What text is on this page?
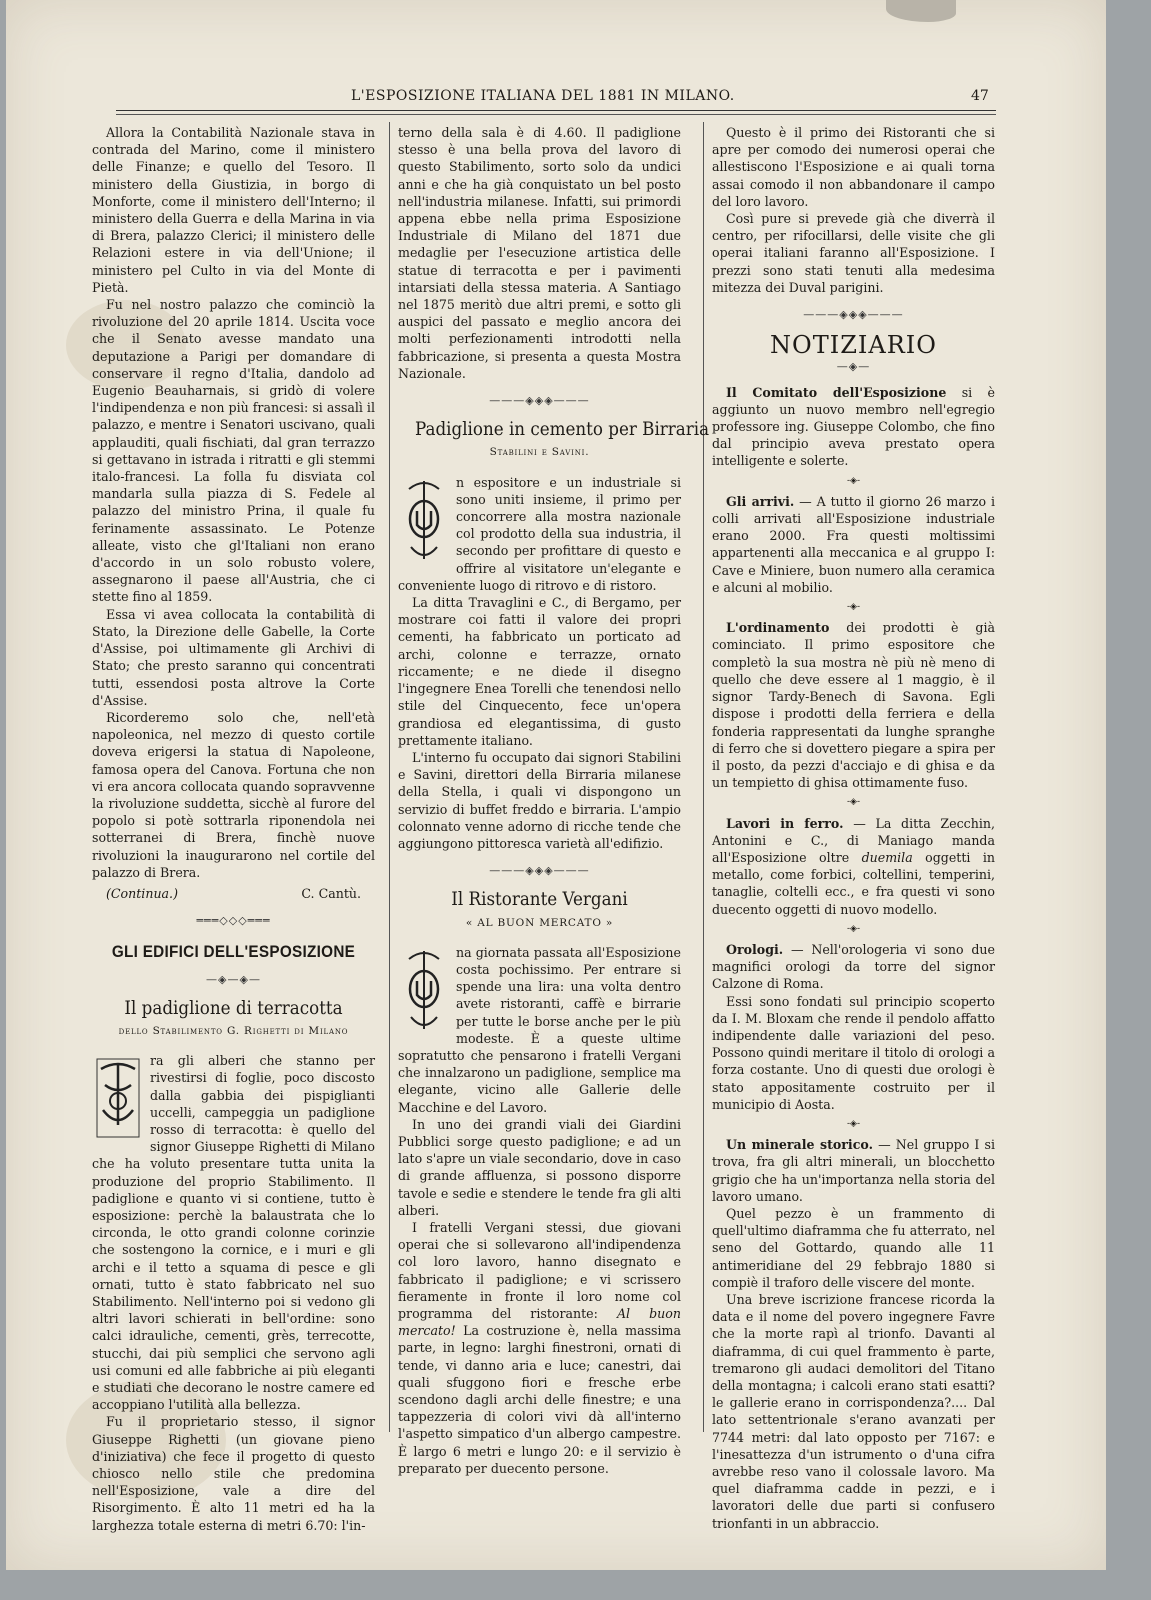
L'ESPOSIZIONE ITALIANA DEL 1881 IN MILANO.	47

Allora la Contabilità Nazionale stava in contrada del Marino, come il ministero delle Finanze; e quello del Tesoro. Il ministero della Giustizia, in borgo di Monforte, come il ministero dell'Interno; il ministero della Guerra e della Marina in via di Brera, palazzo Clerici; il ministero delle Relazioni estere in via dell'Unione; il ministero pel Culto in via del Monte di Pietà.

Fu nel nostro palazzo che cominciò la rivoluzione del 20 aprile 1814. Uscita voce che il Senato avesse mandato una deputazione a Parigi per domandare di conservare il regno d'Italia, dandolo ad Eugenio Beauharnais, si gridò di volere l'indipendenza e non più francesi: si assalì il palazzo, e mentre i Senatori uscivano, quali applauditi, quali fischiati, dal gran terrazzo si gettavano in istrada i ritratti e gli stemmi italo-francesi. La folla fu disviata col mandarla sulla piazza di S. Fedele al palazzo del ministro Prina, il quale fu ferinamente assassinato. Le Potenze alleate, visto che gl'Italiani non erano d'accordo in un solo robusto volere, assegnarono il paese all'Austria, che ci stette fino al 1859.

Essa vi avea collocata la contabilità di Stato, la Direzione delle Gabelle, la Corte d'Assise, poi ultimamente gli Archivi di Stato; che presto saranno qui concentrati tutti, essendosi posta altrove la Corte d'Assise.

Ricorderemo solo che, nell'età napoleonica, nel mezzo di questo cortile doveva erigersi la statua di Napoleone, famosa opera del Canova. Fortuna che non vi era ancora collocata quando sopravvenne la rivoluzione suddetta, sicchè al furore del popolo si potè sottrarla riponendola nei sotterranei di Brera, finchè nuove rivoluzioni la inaugurarono nel cortile del palazzo di Brera.

(Continua.)	C. Cantù.
═══◇◇◇═══
GLI EDIFICI DELL'ESPOSIZIONE
—◈—◈—
Il padiglione di terracotta
dello Stabilimento G. Righetti di Milano

ra gli alberi che stanno per rivestirsi di foglie, poco discosto dalla gabbia dei pispiglianti uccelli, campeggia un padiglione rosso di terracotta: è quello del signor Giuseppe Righetti di Milano che ha voluto presentare tutta unita la produzione del proprio Stabilimento. Il padiglione e quanto vi si contiene, tutto è esposizione: perchè la balaustrata che lo circonda, le otto grandi colonne corinzie che sostengono la cornice, e i muri e gli archi e il tetto a squama di pesce e gli ornati, tutto è stato fabbricato nel suo Stabilimento. Nell'interno poi si vedono gli altri lavori schierati in bell'ordine: sono calci idrauliche, cementi, grès, terrecotte, stucchi, dai più semplici che servono agli usi comuni ed alle fabbriche ai più eleganti e studiati che decorano le nostre camere ed accoppiano l'utilità alla bellezza.

Fu il proprietario stesso, il signor Giuseppe Righetti (un giovane pieno d'iniziativa) che fece il progetto di questo chiosco nello stile che predomina nell'Esposizione, vale a dire del Risorgimento. È alto 11 metri ed ha la larghezza totale esterna di metri 6.70: l'in-

terno della sala è di 4.60. Il padiglione stesso è una bella prova del lavoro di questo Stabilimento, sorto solo da undici anni e che ha già conquistato un bel posto nell'industria milanese. Infatti, sui primordi appena ebbe nella prima Esposizione Industriale di Milano del 1871 due medaglie per l'esecuzione artistica delle statue di terracotta e per i pavimenti intarsiati della stessa materia. A Santiago nel 1875 meritò due altri premi, e sotto gli auspici del passato e meglio ancora dei molti perfezionamenti introdotti nella fabbricazione, si presenta a questa Mostra Nazionale.

———◈◈◈———
Padiglione in cemento per Birraria
Stabilini e Savini.

n espositore e un industriale si sono uniti insieme, il primo per concorrere alla mostra nazionale col prodotto della sua industria, il secondo per profittare di questo e offrire al visitatore un'elegante e conveniente luogo di ritrovo e di ristoro.

La ditta Travaglini e C., di Bergamo, per mostrare coi fatti il valore dei propri cementi, ha fabbricato un porticato ad archi, colonne e terrazze, ornato riccamente; e ne diede il disegno l'ingegnere Enea Torelli che tenendosi nello stile del Cinquecento, fece un'opera grandiosa ed elegantissima, di gusto prettamente italiano.

L'interno fu occupato dai signori Stabilini e Savini, direttori della Birraria milanese della Stella, i quali vi dispongono un servizio di buffet freddo e birraria. L'ampio colonnato venne adorno di ricche tende che aggiungono pittoresca varietà all'edifizio.

———◈◈◈———
Il Ristorante Vergani
« AL BUON MERCATO »

na giornata passata all'Esposizione costa pochissimo. Per entrare si spende una lira: una volta dentro avete ristoranti, caffè e birrarie per tutte le borse anche per le più modeste. È a queste ultime sopratutto che pensarono i fratelli Vergani che innalzarono un padiglione, semplice ma elegante, vicino alle Gallerie delle Macchine e del Lavoro.

In uno dei grandi viali dei Giardini Pubblici sorge questo padiglione; e ad un lato s'apre un viale secondario, dove in caso di grande affluenza, si possono disporre tavole e sedie e stendere le tende fra gli alti alberi.

I fratelli Vergani stessi, due giovani operai che si sollevarono all'indipendenza col loro lavoro, hanno disegnato e fabbricato il padiglione; e vi scrissero fieramente in fronte il loro nome col programma del ristorante: Al buon mercato! La costruzione è, nella massima parte, in legno: larghi finestroni, ornati di tende, vi danno aria e luce; canestri, dai quali sfuggono fiori e fresche erbe scendono dagli archi delle finestre; e una tappezzeria di colori vivi dà all'interno l'aspetto simpatico d'un albergo campestre. È largo 6 metri e lungo 20: e il servizio è preparato per duecento persone.

Questo è il primo dei Ristoranti che si apre per comodo dei numerosi operai che allestiscono l'Esposizione e ai quali torna assai comodo il non abbandonare il campo del loro lavoro.

Così pure si prevede già che diverrà il centro, per rifocillarsi, delle visite che gli operai italiani faranno all'Esposizione. I prezzi sono stati tenuti alla medesima mitezza dei Duval parigini.

———◈◈◈———
NOTIZIARIO
—◈—

Il Comitato dell'Esposizione si è aggiunto un nuovo membro nell'egregio professore ing. Giuseppe Colombo, che fino dal principio aveva prestato opera intelligente e solerte.

-◈-

Gli arrivi. — A tutto il giorno 26 marzo i colli arrivati all'Esposizione industriale erano 2000. Fra questi moltissimi appartenenti alla meccanica e al gruppo I: Cave e Miniere, buon numero alla ceramica e alcuni al mobilio.

-◈-

L'ordinamento dei prodotti è già cominciato. Il primo espositore che completò la sua mostra nè più nè meno di quello che deve essere al 1 maggio, è il signor Tardy-Benech di Savona. Egli dispose i prodotti della ferriera e della fonderia rappresentati da lunghe spranghe di ferro che si dovettero piegare a spira per il posto, da pezzi d'acciajo e di ghisa e da un tempietto di ghisa ottimamente fuso.

-◈-

Lavori in ferro. — La ditta Zecchin, Antonini e C., di Maniago manda all'Esposizione oltre duemila oggetti in metallo, come forbici, coltellini, temperini, tanaglie, coltelli ecc., e fra questi vi sono duecento oggetti di nuovo modello.

-◈-

Orologi. — Nell'orologeria vi sono due magnifici orologi da torre del signor Calzone di Roma.

Essi sono fondati sul principio scoperto da I. M. Bloxam che rende il pendolo affatto indipendente dalle variazioni del peso. Possono quindi meritare il titolo di orologi a forza costante. Uno di questi due orologi è stato appositamente costruito per il municipio di Aosta.

-◈-

Un minerale storico. — Nel gruppo I si trova, fra gli altri minerali, un blocchetto grigio che ha un'importanza nella storia del lavoro umano.

Quel pezzo è un frammento di quell'ultimo diaframma che fu atterrato, nel seno del Gottardo, quando alle 11 antimeridiane del 29 febbrajo 1880 si compiè il traforo delle viscere del monte.

Una breve iscrizione francese ricorda la data e il nome del povero ingegnere Favre che la morte rapì al trionfo. Davanti al diaframma, di cui quel frammento è parte, tremarono gli audaci demolitori del Titano della montagna; i calcoli erano stati esatti? le gallerie erano in corrispondenza?.... Dal lato settentrionale s'erano avanzati per 7744 metri: dal lato opposto per 7167: e l'inesattezza d'un istrumento o d'una cifra avrebbe reso vano il colossale lavoro. Ma quel diaframma cadde in pezzi, e i lavoratori delle due parti si confusero trionfanti in un abbraccio.
